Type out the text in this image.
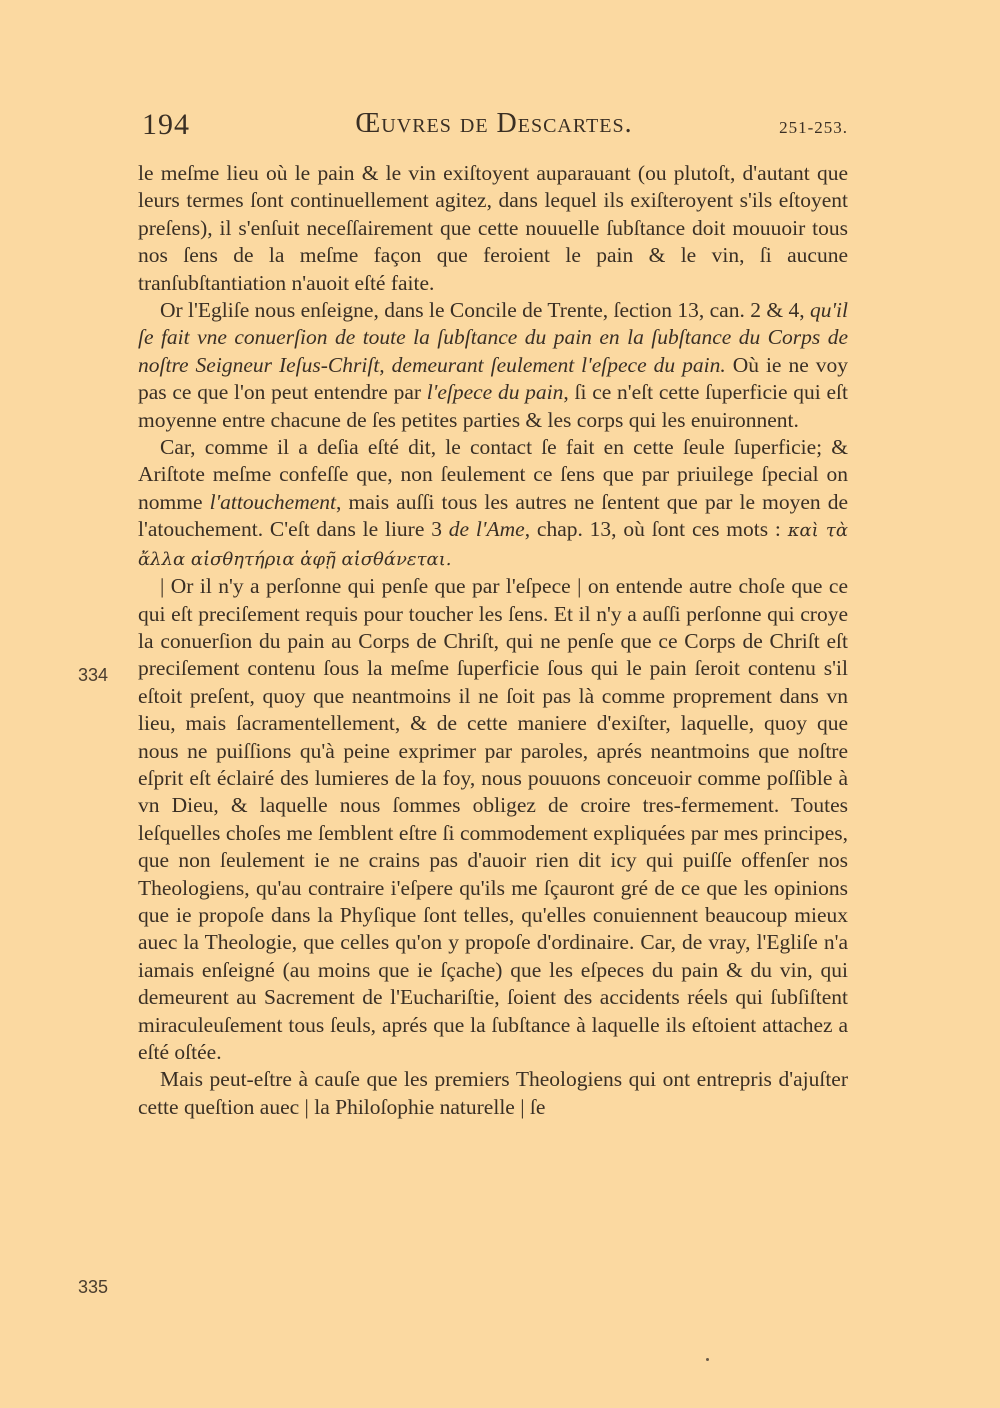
194	Œuvres de Descartes.	251-253.

le meſme lieu où le pain & le vin exiſtoyent auparauant (ou plutoſt, d'autant que leurs termes ſont continuellement agitez, dans lequel ils exiſteroyent s'ils eſtoyent preſens), il s'enſuit neceſſairement que cette nouuelle ſubſtance doit mouuoir tous nos ſens de la meſme façon que feroient le pain & le vin, ſi aucune tranſubſtantiation n'auoit eſté faite.

Or l'Egliſe nous enſeigne, dans le Concile de Trente, ſection 13, can. 2 & 4, qu'il ſe fait vne conuerſion de toute la ſubſtance du pain en la ſubſtance du Corps de noſtre Seigneur Ieſus-Chriſt, demeurant ſeulement l'eſpece du pain. Où ie ne voy pas ce que l'on peut entendre par l'eſpece du pain, ſi ce n'eſt cette ſuperficie qui eſt moyenne entre chacune de ſes petites parties & les corps qui les enuironnent.

Car, comme il a deſia eſté dit, le contact ſe fait en cette ſeule ſuperficie; & Ariſtote meſme confeſſe que, non ſeulement ce ſens que par priuilege ſpecial on nomme l'attouchement, mais auſſi tous les autres ne ſentent que par le moyen de l'atouchement. C'eſt dans le liure 3 de l'Ame, chap. 13, où ſont ces mots : καὶ τὰ ἄλλα αἰσθητήρια ἁφῇ αἰσθάνεται.

| Or il n'y a perſonne qui penſe que par l'eſpece | on entende autre choſe que ce qui eſt preciſement requis pour toucher les ſens. Et il n'y a auſſi perſonne qui croye la conuerſion du pain au Corps de Chriſt, qui ne penſe que ce Corps de Chriſt eſt preciſement contenu ſous la meſme ſuperficie ſous qui le pain ſeroit contenu s'il eſtoit preſent, quoy que neantmoins il ne ſoit pas là comme proprement dans vn lieu, mais ſacramentellement, & de cette maniere d'exiſter, laquelle, quoy que nous ne puiſſions qu'à peine exprimer par paroles, aprés neantmoins que noſtre eſprit eſt éclairé des lumieres de la foy, nous pouuons conceuoir comme poſſible à vn Dieu, & laquelle nous ſommes obligez de croire tres-fermement. Toutes leſquelles choſes me ſemblent eſtre ſi commodement expliquées par mes principes, que non ſeulement ie ne crains pas d'auoir rien dit icy qui puiſſe offenſer nos Theologiens, qu'au contraire i'eſpere qu'ils me ſçauront gré de ce que les opinions que ie propoſe dans la Phyſique ſont telles, qu'elles conuiennent beaucoup mieux auec la Theologie, que celles qu'on y propoſe d'ordinaire. Car, de vray, l'Egliſe n'a iamais enſeigné (au moins que ie ſçache) que les eſpeces du pain & du vin, qui demeurent au Sacrement de l'Euchariſtie, ſoient des accidents réels qui ſubſiſtent miraculeuſement tous ſeuls, aprés que la ſubſtance à laquelle ils eſtoient attachez a eſté oſtée.

Mais peut-eſtre à cauſe que les premiers Theologiens qui ont entrepris d'ajuſter cette queſtion auec | la Philoſophie naturelle | ſe

334
335
